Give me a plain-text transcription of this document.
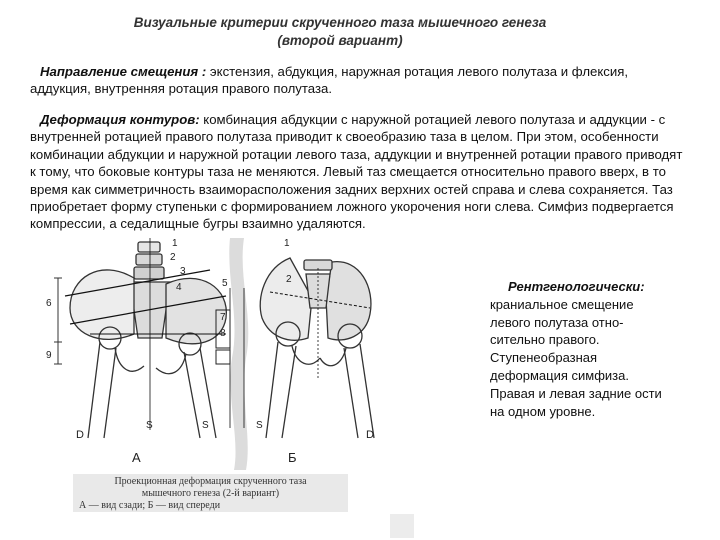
Визуальные критерии скрученного таза мышечного генеза
(второй вариант)

Направление смещения : экстензия, абдукция, наружная ротация левого полутаза и флексия, аддукция, внутренняя ротация правого полутаза.

Деформация контуров: комбинация абдукции с наружной ротацией левого полутаза и аддукции - с внутренней ротацией правого полутаза приводит к своеобразию таза в целом. При этом, особенности комбинации абдукции и наружной ротации левого таза, аддукции и внутренней ротации правого приводят к тому, что боковые контуры таза не меняются. Левый таз смещается относительно правого вверх, в то время как симметричность взаиморасположения задних верхних остей справа и слева сохраняется. Таз приобретает форму ступеньки с формированием ложного укорочения ноги слева. Симфиз подвергается компрессии, а седалищные бугры взаимно удаляются.

1	1
2
2
3
4	5
6
7
8
9
D
S	S	S
D
А	Б
Рентгенологически:
краниальное смещение левого полутаза отно-сительно правого. Ступенеобразная деформация симфиза. Правая и левая задние ости на одном уровне.
Проекционная деформация скрученного таза
мышечного генеза (2-й вариант)
А — вид сзади; Б — вид спереди
